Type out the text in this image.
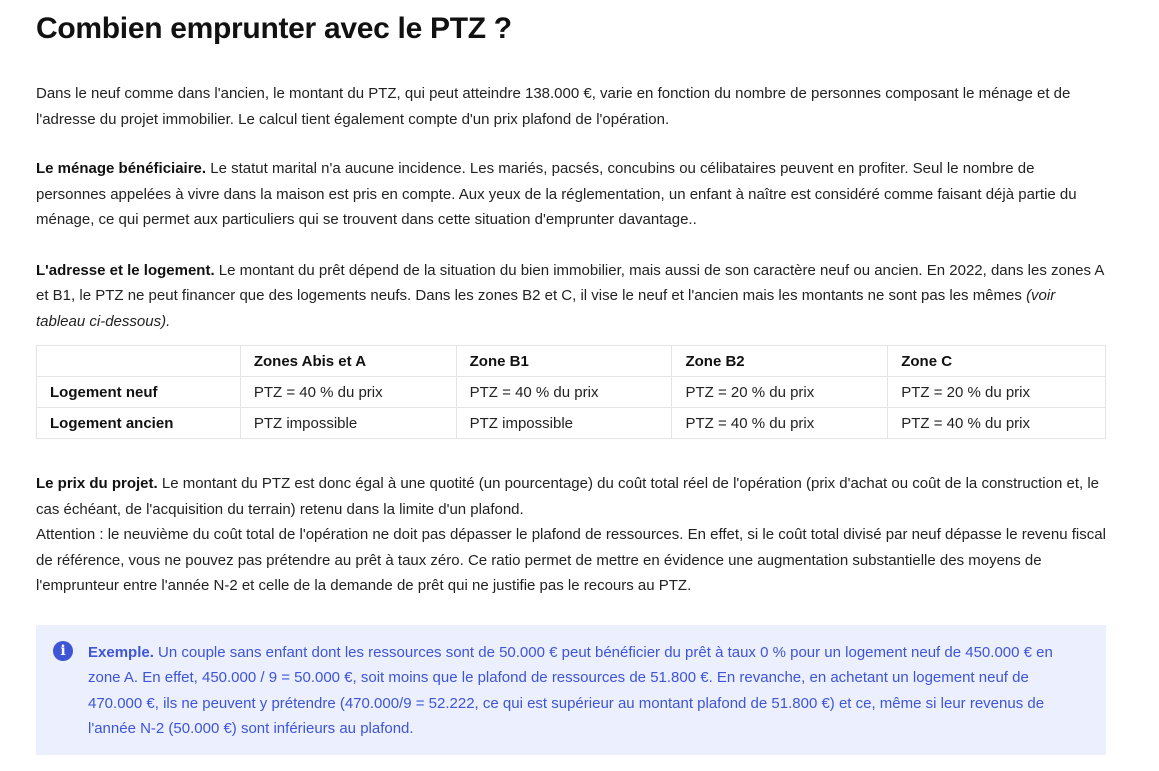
Combien emprunter avec le PTZ ?

Dans le neuf comme dans l'ancien, le montant du PTZ, qui peut atteindre 138.000 €, varie en fonction du nombre de personnes composant le ménage et de l'adresse du projet immobilier. Le calcul tient également compte d'un prix plafond de l'opération.

Le ménage bénéficiaire. Le statut marital n'a aucune incidence. Les mariés, pacsés, concubins ou célibataires peuvent en profiter. Seul le nombre de personnes appelées à vivre dans la maison est pris en compte. Aux yeux de la réglementation, un enfant à naître est considéré comme faisant déjà partie du ménage, ce qui permet aux particuliers qui se trouvent dans cette situation d'emprunter davantage..

L'adresse et le logement. Le montant du prêt dépend de la situation du bien immobilier, mais aussi de son caractère neuf ou ancien. En 2022, dans les zones A et B1, le PTZ ne peut financer que des logements neufs. Dans les zones B2 et C, il vise le neuf et l'ancien mais les montants ne sont pas les mêmes (voir tableau ci-dessous).

	Zones Abis et A	Zone B1	Zone B2	Zone C
Logement neuf	PTZ = 40 % du prix	PTZ = 40 % du prix	PTZ = 20 % du prix	PTZ = 20 % du prix
Logement ancien	PTZ impossible	PTZ impossible	PTZ = 40 % du prix	PTZ = 40 % du prix

Le prix du projet. Le montant du PTZ est donc égal à une quotité (un pourcentage) du coût total réel de l'opération (prix d'achat ou coût de la construction et, le cas échéant, de l'acquisition du terrain) retenu dans la limite d'un plafond.
Attention : le neuvième du coût total de l'opération ne doit pas dépasser le plafond de ressources. En effet, si le coût total divisé par neuf dépasse le revenu fiscal de référence, vous ne pouvez pas prétendre au prêt à taux zéro. Ce ratio permet de mettre en évidence une augmentation substantielle des moyens de l'emprunteur entre l'année N-2 et celle de la demande de prêt qui ne justifie pas le recours au PTZ.

i	Exemple. Un couple sans enfant dont les ressources sont de 50.000 € peut bénéficier du prêt à taux 0 % pour un logement neuf de 450.000 € en zone A. En effet, 450.000 / 9 = 50.000 €, soit moins que le plafond de ressources de 51.800 €. En revanche, en achetant un logement neuf de 470.000 €, ils ne peuvent y prétendre (470.000/9 = 52.222, ce qui est supérieur au montant plafond de 51.800 €) et ce, même si leur revenus de l'année N-2 (50.000 €) sont inférieurs au plafond.
